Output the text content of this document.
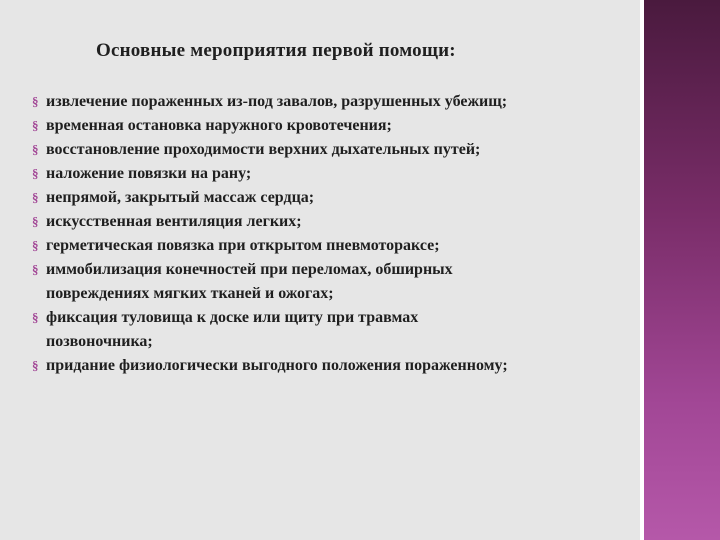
Основные мероприятия первой помощи:
§ извлечение пораженных из-под завалов, разрушенных убежищ;
§ временная остановка наружного кровотечения;
§ восстановление проходимости верхних дыхательных путей;
§ наложение повязки на рану;
§ непрямой, закрытый массаж сердца;
§ искусственная вентиляция легких;
§ герметическая повязка при открытом пневмотораксе;
§ иммобилизация конечностей при переломах, обширных
повреждениях мягких тканей и ожогах;
§ фиксация туловища к доске или щиту при травмах
позвоночника;
§ придание физиологически выгодного положения пораженному;
